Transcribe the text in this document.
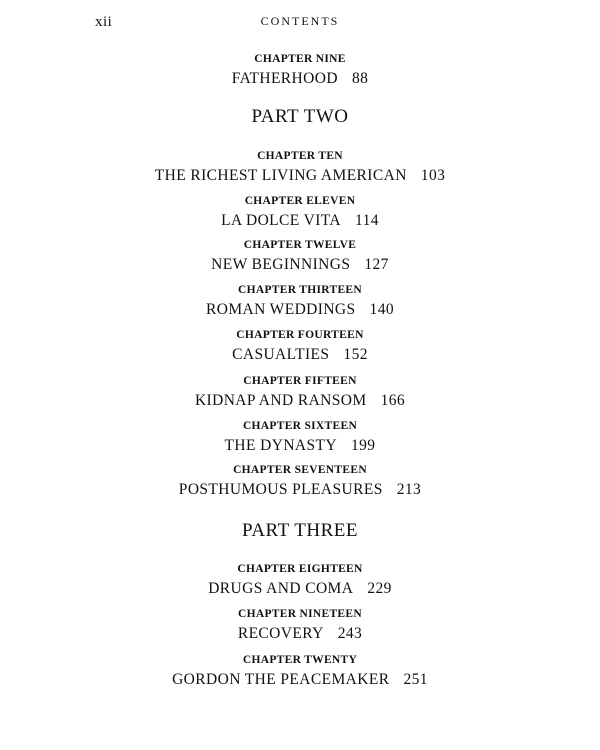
xii	CONTENTS
CHAPTER NINE
FATHERHOOD 88
PART TWO
CHAPTER TEN
THE RICHEST LIVING AMERICAN 103
CHAPTER ELEVEN
LA DOLCE VITA 114
CHAPTER TWELVE
NEW BEGINNINGS 127
CHAPTER THIRTEEN
ROMAN WEDDINGS 140
CHAPTER FOURTEEN
CASUALTIES 152
CHAPTER FIFTEEN
KIDNAP AND RANSOM 166
CHAPTER SIXTEEN
THE DYNASTY 199
CHAPTER SEVENTEEN
POSTHUMOUS PLEASURES 213
PART THREE
CHAPTER EIGHTEEN
DRUGS AND COMA 229
CHAPTER NINETEEN
RECOVERY 243
CHAPTER TWENTY
GORDON THE PEACEMAKER 251
